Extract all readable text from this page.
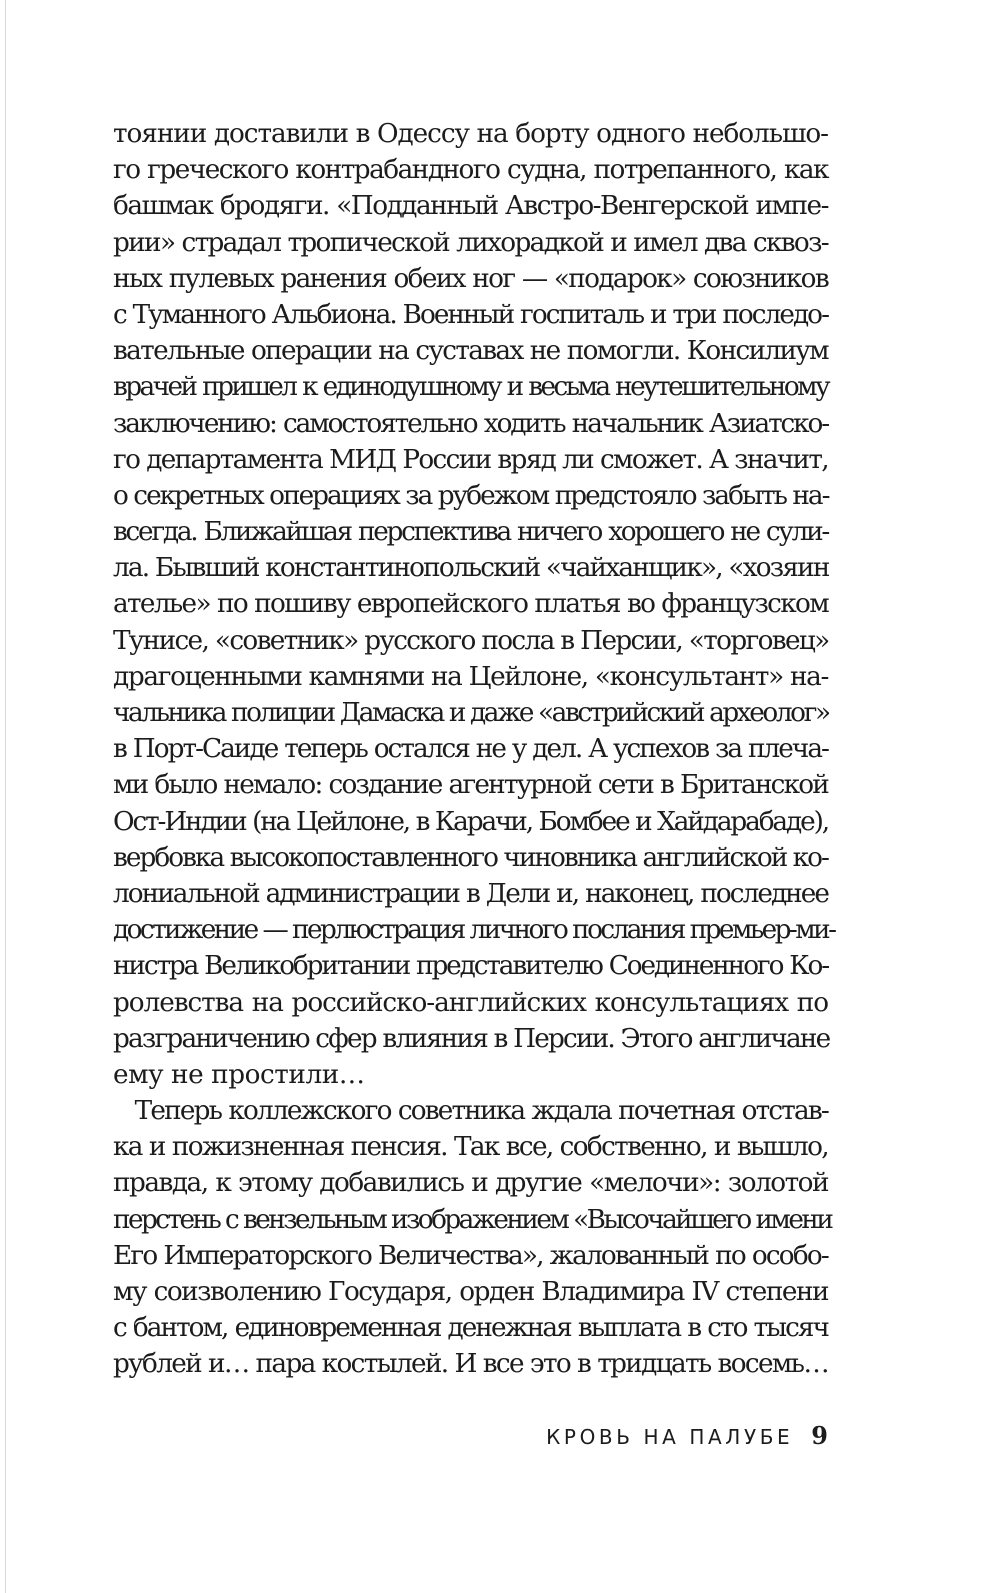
тоянии доставили в Одессу на борту одного небольшо-
го греческого контрабандного судна, потрепанного, как
башмак бродяги. «Подданный Австро-Венгерской импе-
рии» страдал тропической лихорадкой и имел два сквоз-
ных пулевых ранения обеих ног — «подарок» союзников
с Туманного Альбиона. Военный госпиталь и три последо-
вательные операции на суставах не помогли. Консилиум
врачей пришел к единодушному и весьма неутешительному
заключению: самостоятельно ходить начальник Азиатско-
го департамента МИД России вряд ли сможет. А значит,
о секретных операциях за рубежом предстояло забыть на-
всегда. Ближайшая перспектива ничего хорошего не сули-
ла. Бывший константинопольский «чайханщик», «хозяин
ателье» по пошиву европейского платья во французском
Тунисе, «советник» русского посла в Персии, «торговец»
драгоценными камнями на Цейлоне, «консультант» на-
чальника полиции Дамаска и даже «австрийский археолог»
в Порт-Саиде теперь остался не у дел. А успехов за плеча-
ми было немало: создание агентурной сети в Британской
Ост-Индии (на Цейлоне, в Карачи, Бомбее и Хайдарабаде),
вербовка высокопоставленного чиновника английской ко-
лониальной администрации в Дели и, наконец, последнее
достижение — перлюстрация личного послания премьер-ми-
нистра Великобритании представителю Соединенного Ко-
ролевства на российско-английских консультациях по
разграничению сфер влияния в Персии. Этого англичане
ему не простили…
Теперь коллежского советника ждала почетная отстав-
ка и пожизненная пенсия. Так все, собственно, и вышло,
правда, к этому добавились и другие «мелочи»: золотой
перстень с вензельным изображением «Высочайшего имени
Его Императорского Величества», жалованный по особо-
му соизволению Государя, орден Владимира IV степени
с бантом, единовременная денежная выплата в сто тысяч
рублей и… пара костылей. И все это в тридцать восемь…
КРОВЬ НА ПАЛУБЕ 9
